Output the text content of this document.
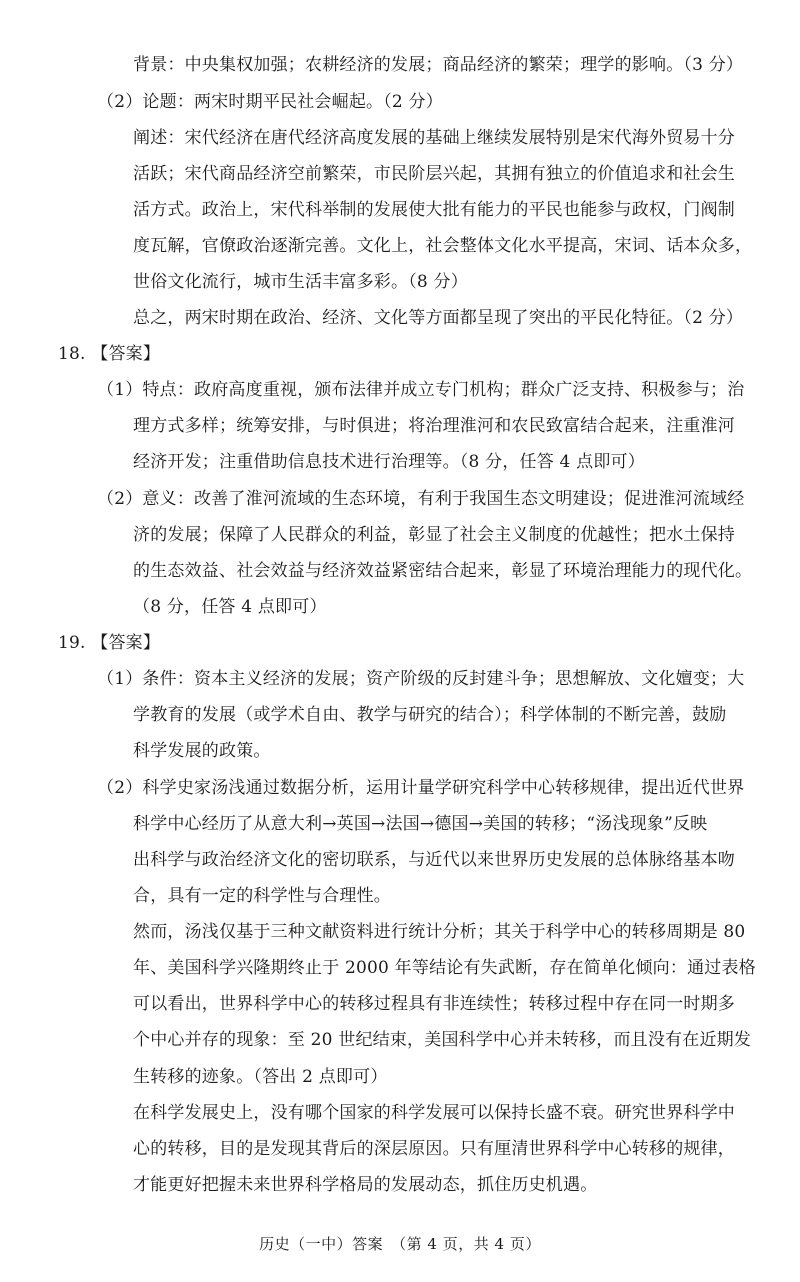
背景：中央集权加强；农耕经济的发展；商品经济的繁荣；理学的影响。（3 分）
（2）论题：两宋时期平民社会崛起。（2 分）
阐述：宋代经济在唐代经济高度发展的基础上继续发展特别是宋代海外贸易十分
活跃；宋代商品经济空前繁荣，市民阶层兴起，其拥有独立的价值追求和社会生
活方式。政治上，宋代科举制的发展使大批有能力的平民也能参与政权，门阀制
度瓦解，官僚政治逐渐完善。文化上，社会整体文化水平提高，宋词、话本众多，
世俗文化流行，城市生活丰富多彩。（8 分）
总之，两宋时期在政治、经济、文化等方面都呈现了突出的平民化特征。（2 分）
18. 【答案】
（1）特点：政府高度重视，颁布法律并成立专门机构；群众广泛支持、积极参与；治
理方式多样；统筹安排，与时俱进；将治理淮河和农民致富结合起来，注重淮河
经济开发；注重借助信息技术进行治理等。（8 分，任答 4 点即可）
（2）意义：改善了淮河流域的生态环境，有利于我国生态文明建设；促进淮河流域经
济的发展；保障了人民群众的利益，彰显了社会主义制度的优越性；把水土保持
的生态效益、社会效益与经济效益紧密结合起来，彰显了环境治理能力的现代化。
（8 分，任答 4 点即可）
19. 【答案】
（1）条件：资本主义经济的发展；资产阶级的反封建斗争；思想解放、文化嬗变；大
学教育的发展（或学术自由、教学与研究的结合）；科学体制的不断完善，鼓励
科学发展的政策。
（2）科学史家汤浅通过数据分析，运用计量学研究科学中心转移规律，提出近代世界
科学中心经历了从意大利→英国→法国→德国→美国的转移；“汤浅现象”反映
出科学与政治经济文化的密切联系，与近代以来世界历史发展的总体脉络基本吻
合，具有一定的科学性与合理性。
然而，汤浅仅基于三种文献资料进行统计分析；其关于科学中心的转移周期是 80
年、美国科学兴隆期终止于 2000 年等结论有失武断，存在简单化倾向：通过表格
可以看出，世界科学中心的转移过程具有非连续性；转移过程中存在同一时期多
个中心并存的现象：至 20 世纪结束，美国科学中心并未转移，而且没有在近期发
生转移的迹象。（答出 2 点即可）
在科学发展史上，没有哪个国家的科学发展可以保持长盛不衰。研究世界科学中
心的转移，目的是发现其背后的深层原因。只有厘清世界科学中心转移的规律，
才能更好把握未来世界科学格局的发展动态，抓住历史机遇。
历史（一中）答案　（第 4 页，共 4 页）
